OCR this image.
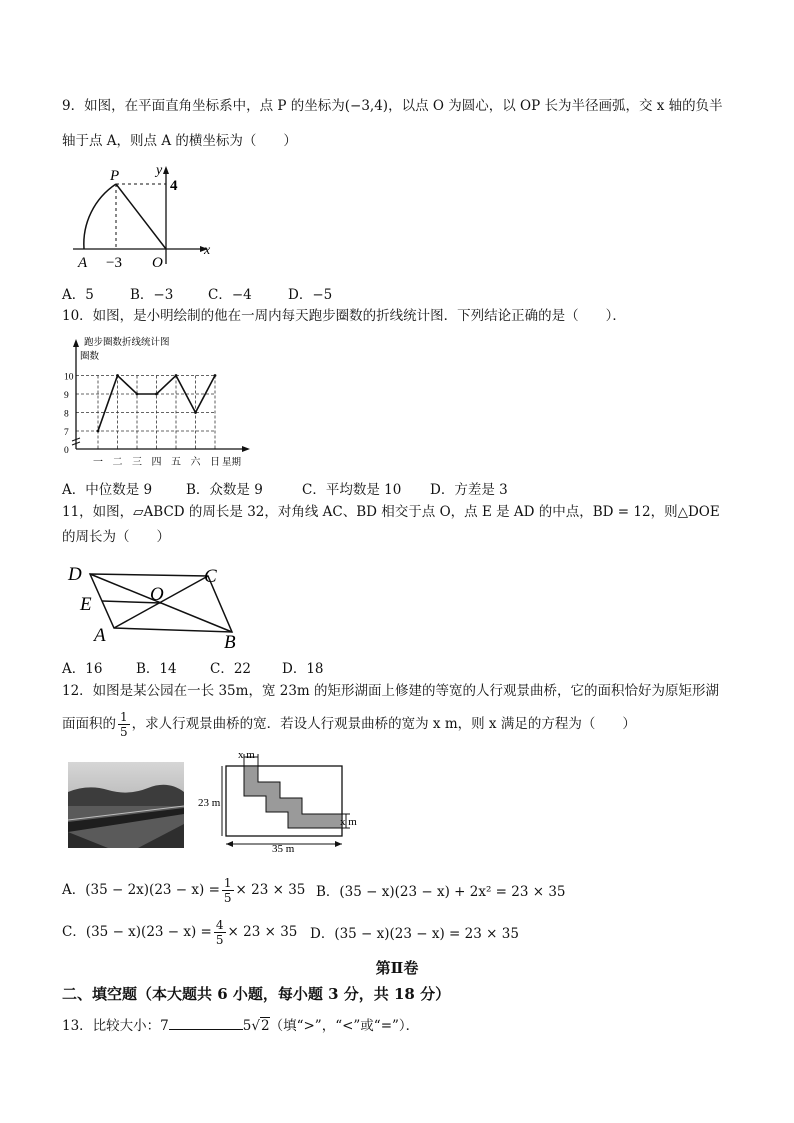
9．如图，在平面直角坐标系中，点 P 的坐标为(−3,4)，以点 O 为圆心，以 OP 长为半径画弧，交 x 轴的负半
轴于点 A，则点 A 的横坐标为（　　）
P	y
4
A −3 O
x
A．5	B．−3	C．−4	D．−5
10．如图，是小明绘制的他在一周内每天跑步圈数的折线统计图．下列结论正确的是（　　）．
跑步圈数折线统计图
圈数
星期
0
7
8
9
10
一 二 三 四 五 六 日
A．中位数是 9	B．众数是 9	C．平均数是 10 D．方差是 3
11，如图，▱ABCD 的周长是 32，对角线 AC、BD 相交于点 O，点 E 是 AD 的中点，BD = 12，则△DOE
的周长为（　　）
D	C
E	O
A	B
A．16 B．14 C．22 D．18
12．如图是某公园在一长 35m，宽 23m 的矩形湖面上修建的等宽的人行观景曲桥，它的面积恰好为原矩形湖
面面积的 $\frac{1}{5}$ ，求人行观景曲桥的宽．若设人行观景曲桥的宽为 x m，则 x 满足的方程为（　　）
x m
23 m
35 m
x m
A．$(35 - 2x)(23 - x) = \frac{1}{5} \times 23 \times 35$ B．(35 − x)(23 − x) + 2x² = 23 × 35
C．$(35 - x)(23 - x) = \frac{4}{5} \times 23 \times 35$ D．(35 − x)(23 − x) = 23 × 35
第Ⅱ卷
二、填空题（本大题共 6 小题，每小题 3 分，共 18 分）
13．比较大小：7	5√2（填“>”，“<”或“=”）．
